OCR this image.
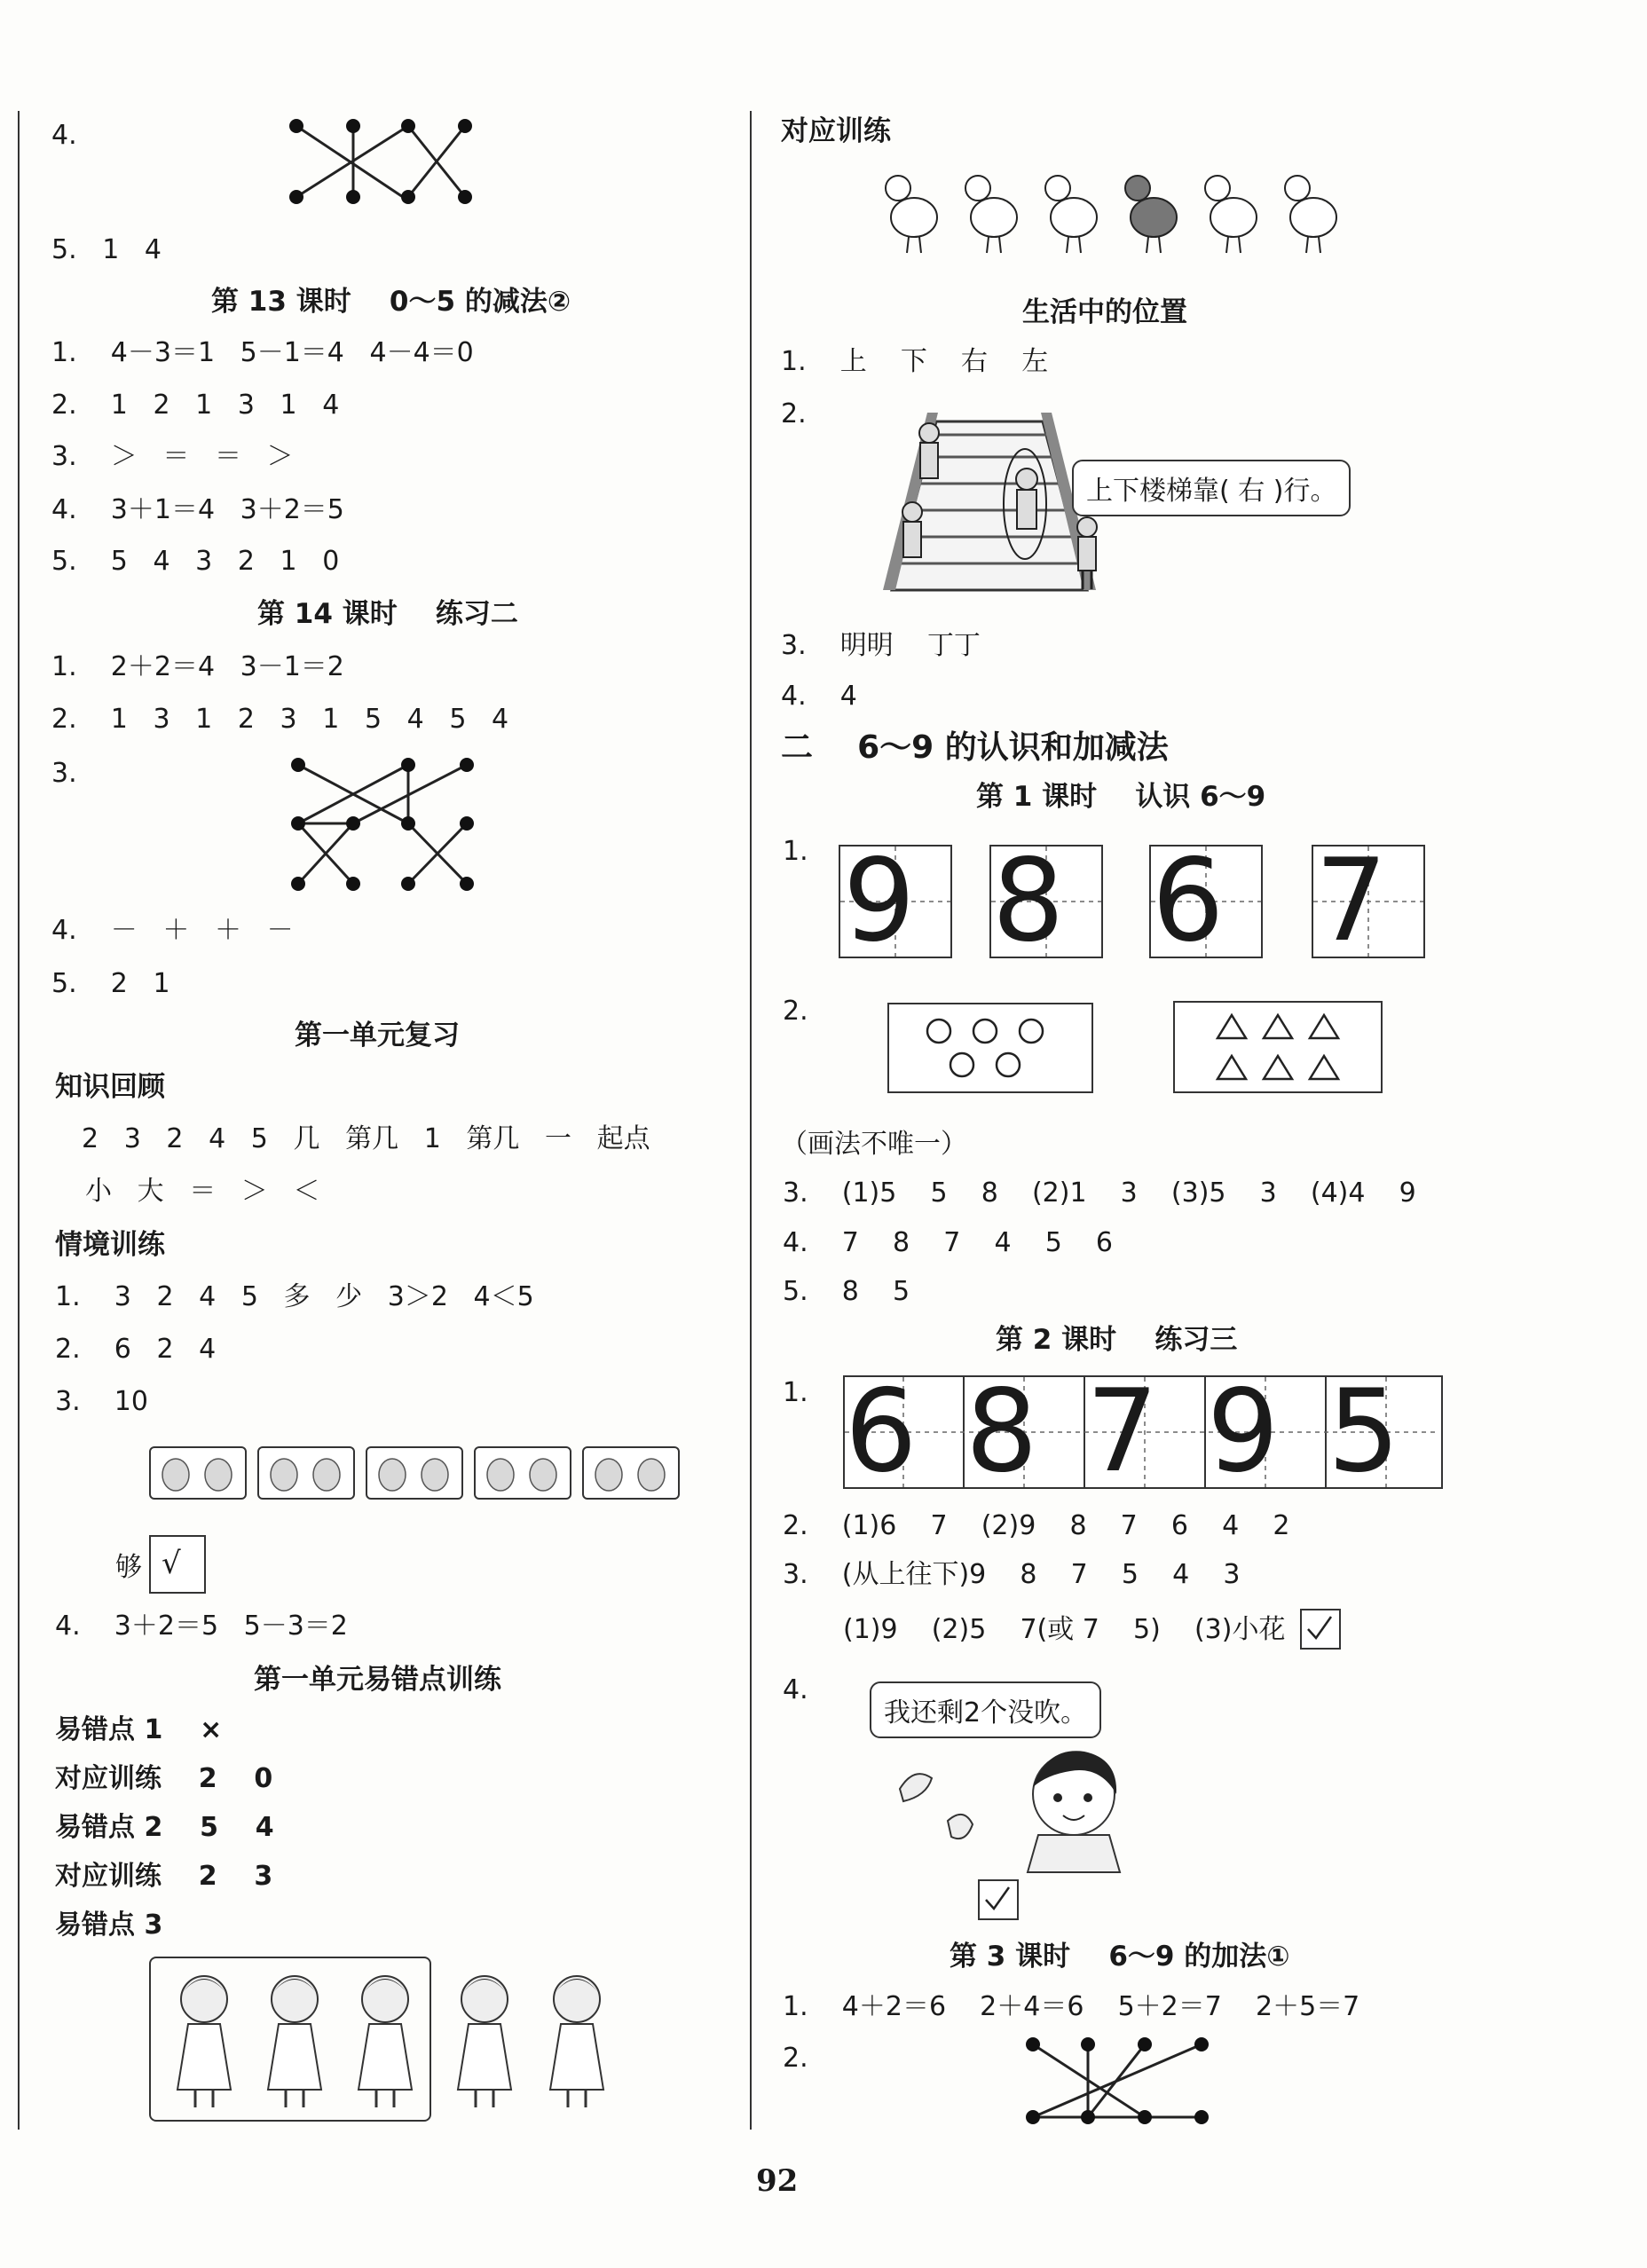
4.
5.   1   4
第 13 课时    0～5 的减法②
1.    4－3＝1   5－1＝4   4－4＝0
2.    1   2   1   3   1   4
3.    ＞   ＝   ＝   ＞
4.    3＋1＝4   3＋2＝5
5.    5   4   3   2   1   0
第 14 课时    练习二
1.    2＋2＝4   3－1＝2
2.    1   3   1   2   3   1   5   4   5   4
3.
4.    －   ＋   ＋   －
5.    2   1
第一单元复习
知识回顾
2   3   2   4   5   几   第几   1   第几   一   起点
小   大   ＝   ＞   ＜
情境训练
1.    3   2   4   5   多   少   3＞2   4＜5
2.    6   2   4
3.    10
够 √
4.    3＋2＝5   5－3＝2
第一单元易错点训练
易错点 1    ×
对应训练    2    0
易错点 2    5    4
对应训练    2    3
易错点 3
对应训练
生活中的位置
1.    上    下    右    左
2.
上下楼梯靠( 右 )行。
3.    明明    丁丁
4.    4
二    6～9 的认识和加减法
第 1 课时    认识 6～9
1. 9 8 6 7
2.
（画法不唯一）
3.    (1)5    5    8    (2)1    3    (3)5    3    (4)4    9
4.    7    8    7    4    5    6
5.    8    5
第 2 课时    练习三
1. 6 8 7 9 5
2.    (1)6    7    (2)9    8    7    6    4    2
3.    (从上往下)9    8    7    5    4    3
(1)9    (2)5    7(或 7    5)    (3)小花
4.
我还剩2个没吹。
第 3 课时    6～9 的加法①
1.    4＋2＝6    2＋4＝6    5＋2＝7    2＋5＝7
2.
92
